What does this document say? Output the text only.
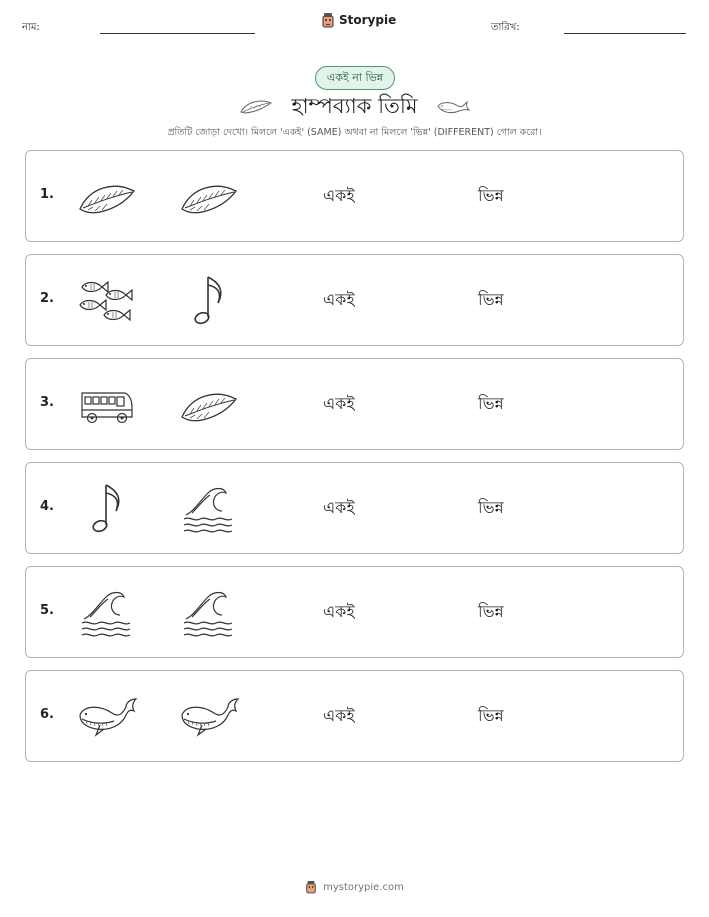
নাম:
Storypie
তারিখ:
একই না ভিন্ন
হাম্পব্যাক তিমি
প্রতিটি জোড়া দেখো। মিললে 'একই' (SAME) অথবা না মিললে 'ভিন্ন' (DIFFERENT) গোল করো।
1.	একই	ভিন্ন
2.	একই	ভিন্ন
3.	একই	ভিন্ন
4.	একই	ভিন্ন
5.	একই	ভিন্ন
6.	একই	ভিন্ন
mystorypie.com
